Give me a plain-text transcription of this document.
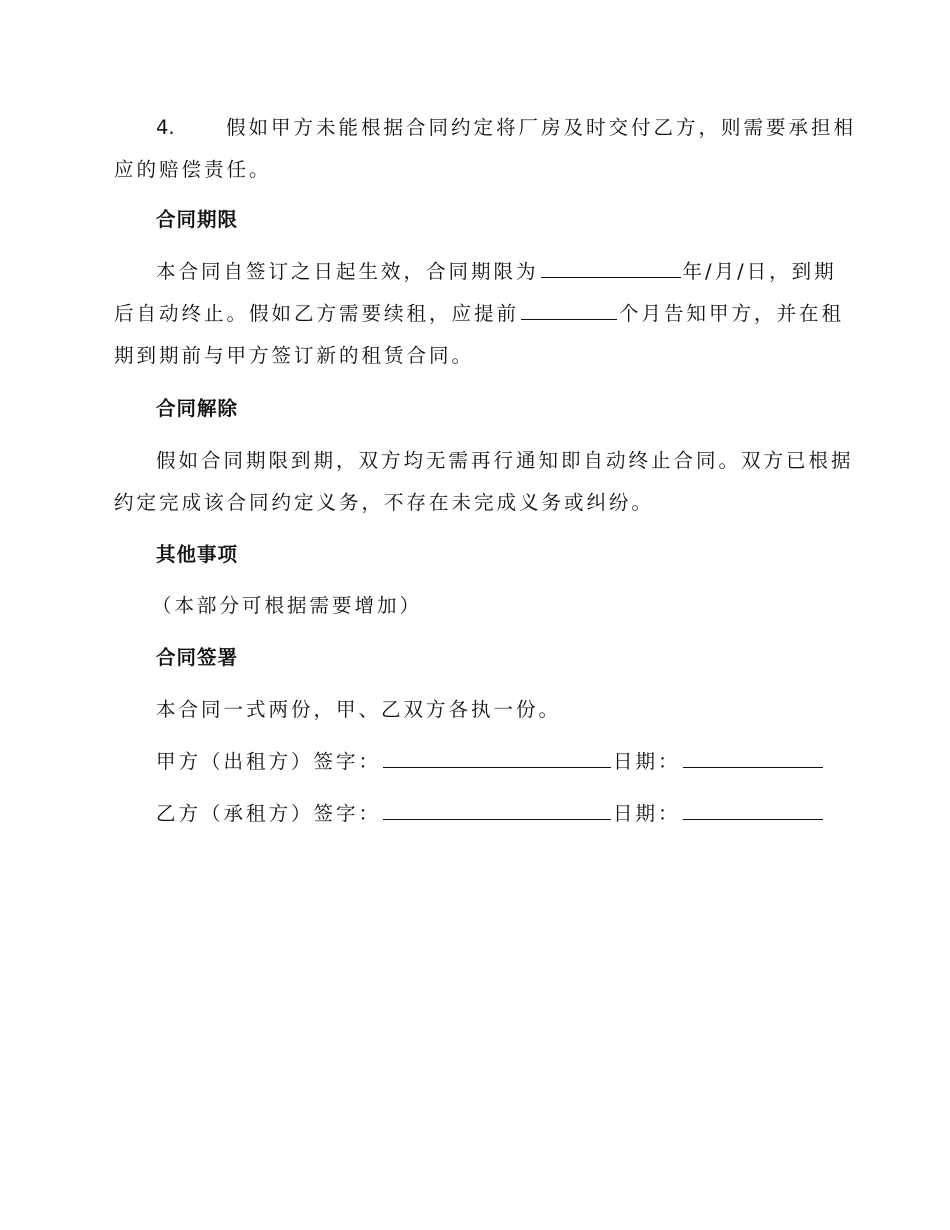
4.	假如甲方未能根据合同约定将厂房及时交付乙方，则需要承担相
应的赔偿责任。

合同期限

本合同自签订之日起生效，合同期限为	年/月/日，到期
后自动终止。假如乙方需要续租，应提前	个月告知甲方，并在租
期到期前与甲方签订新的租赁合同。

合同解除

假如合同期限到期，双方均无需再行通知即自动终止合同。双方已根据
约定完成该合同约定义务，不存在未完成义务或纠纷。

其他事项

（本部分可根据需要增加）

合同签署

本合同一式两份，甲、乙双方各执一份。

甲方（出租方）签字：	日期：

乙方（承租方）签字：	日期：
